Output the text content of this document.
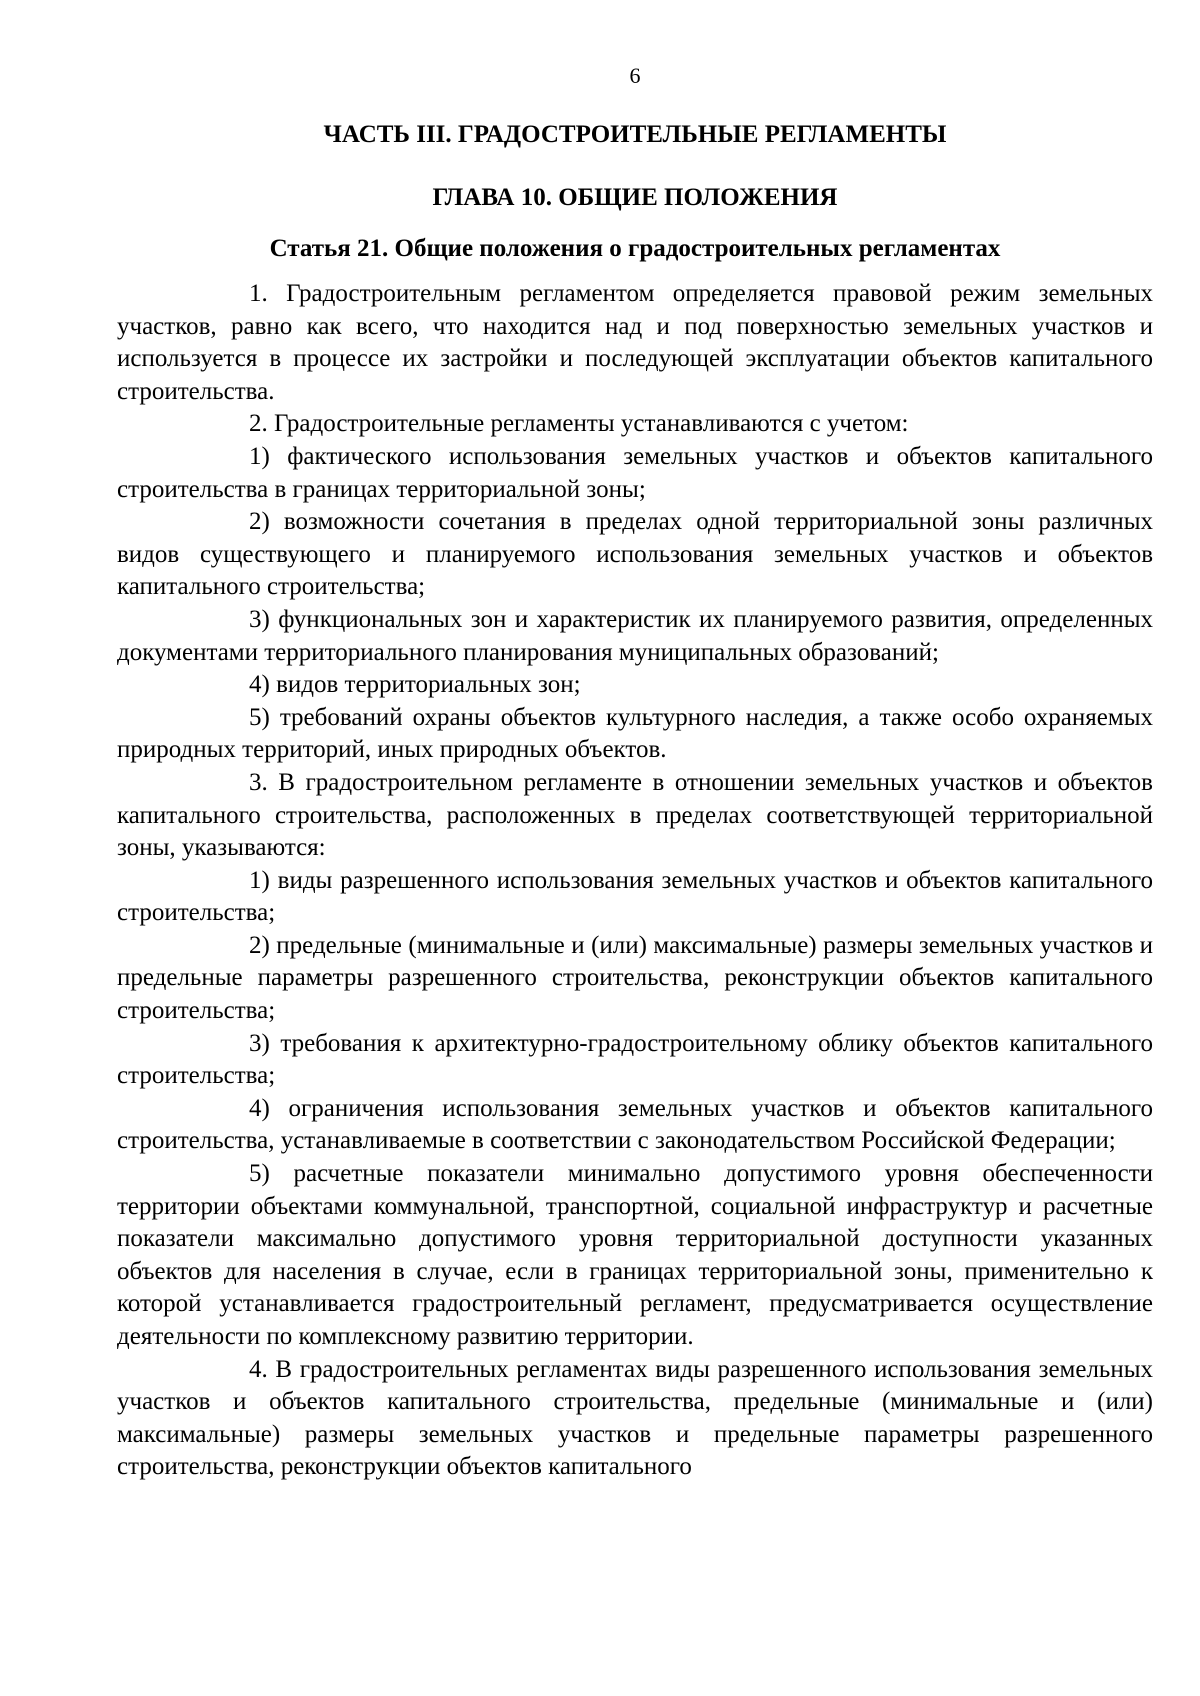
6
ЧАСТЬ III. ГРАДОСТРОИТЕЛЬНЫЕ РЕГЛАМЕНТЫ
ГЛАВА 10. ОБЩИЕ ПОЛОЖЕНИЯ
Статья 21. Общие положения о градостроительных регламентах

1. Градостроительным регламентом определяется правовой режим земельных участков, равно как всего, что находится над и под поверхностью земельных участков и используется в процессе их застройки и последующей эксплуатации объектов капитального строительства.

2. Градостроительные регламенты устанавливаются с учетом:

1) фактического использования земельных участков и объектов капитального строительства в границах территориальной зоны;

2) возможности сочетания в пределах одной территориальной зоны различных видов существующего и планируемого использования земельных участков и объектов капитального строительства;

3) функциональных зон и характеристик их планируемого развития, определенных документами территориального планирования муниципальных образований;

4) видов территориальных зон;

5) требований охраны объектов культурного наследия, а также особо охраняемых природных территорий, иных природных объектов.

3. В градостроительном регламенте в отношении земельных участков и объектов капитального строительства, расположенных в пределах соответствующей территориальной зоны, указываются:

1) виды разрешенного использования земельных участков и объектов капитального строительства;

2) предельные (минимальные и (или) максимальные) размеры земельных участков и предельные параметры разрешенного строительства, реконструкции объектов капитального строительства;

3) требования к архитектурно-градостроительному облику объектов капитального строительства;

4) ограничения использования земельных участков и объектов капитального строительства, устанавливаемые в соответствии с законодательством Российской Федерации;

5) расчетные показатели минимально допустимого уровня обеспеченности территории объектами коммунальной, транспортной, социальной инфраструктур и расчетные показатели максимально допустимого уровня территориальной доступности указанных объектов для населения в случае, если в границах территориальной зоны, применительно к которой устанавливается градостроительный регламент, предусматривается осуществление деятельности по комплексному развитию территории.

4. В градостроительных регламентах виды разрешенного использования земельных участков и объектов капитального строительства, предельные (минимальные и (или) максимальные) размеры земельных участков и предельные параметры разрешенного строительства, реконструкции объектов капитального
